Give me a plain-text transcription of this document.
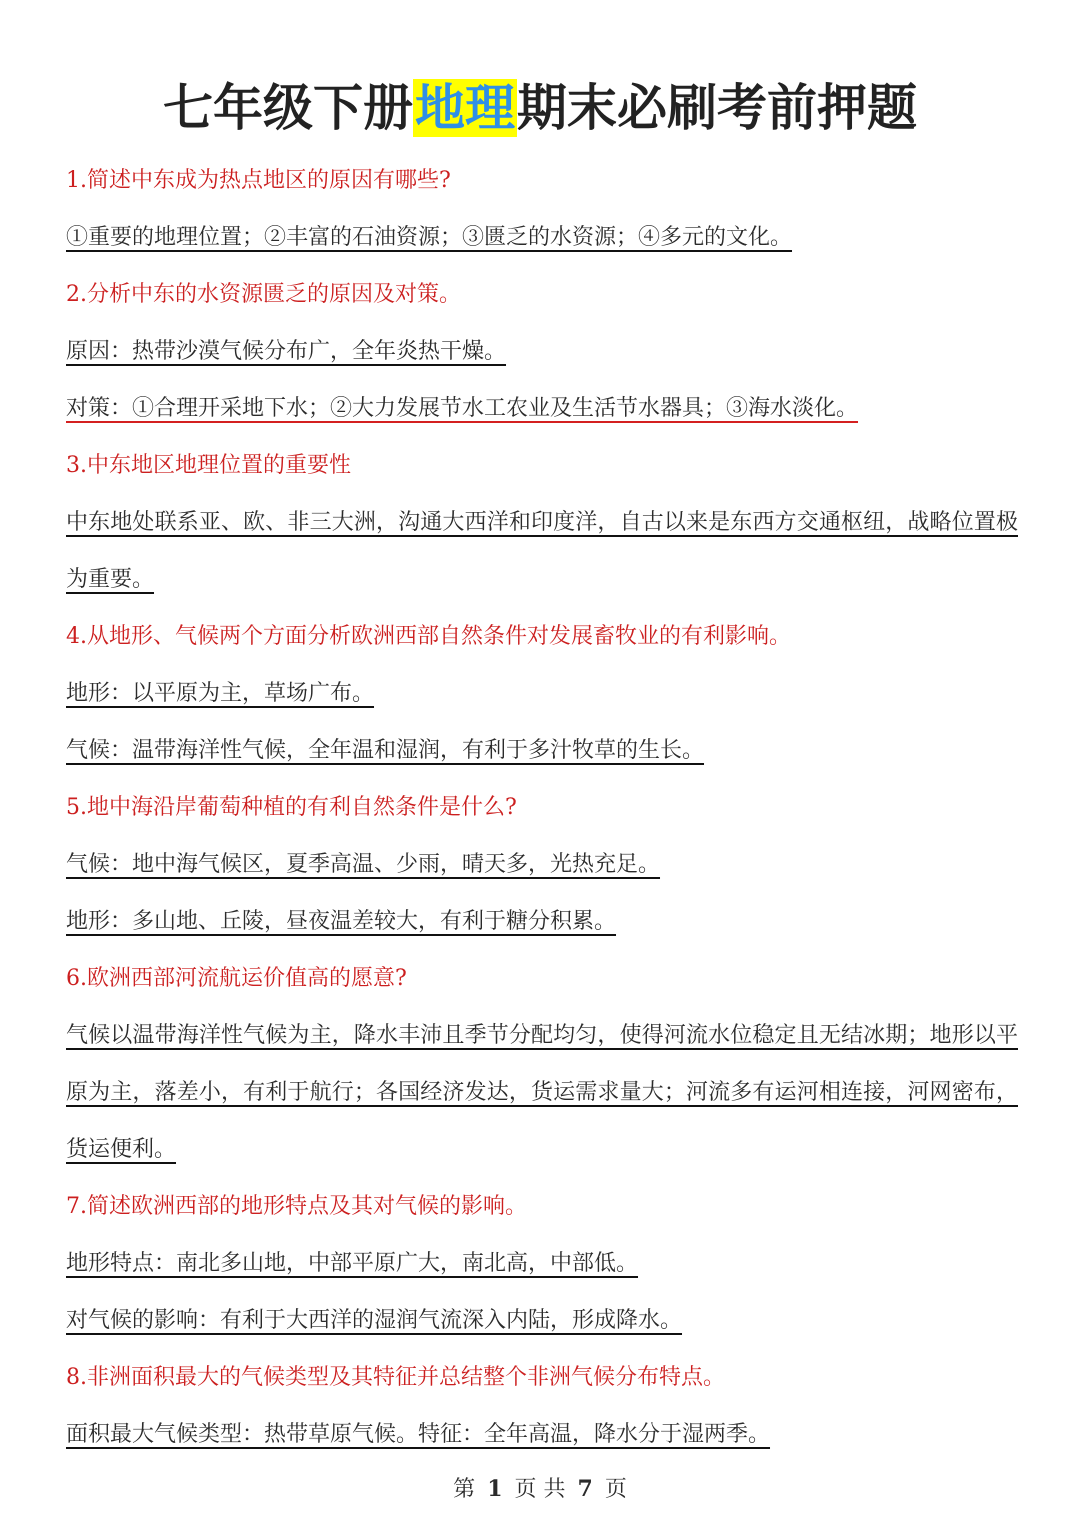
七年级下册地理期末必刷考前押题
1.简述中东成为热点地区的原因有哪些?
①重要的地理位置；②丰富的石油资源；③匮乏的水资源；④多元的文化。
2.分析中东的水资源匮乏的原因及对策。
原因：热带沙漠气候分布广，全年炎热干燥。
对策：①合理开采地下水；②大力发展节水工农业及生活节水器具；③海水淡化。
3.中东地区地理位置的重要性
中东地处联系亚、欧、非三大洲，沟通大西洋和印度洋，自古以来是东西方交通枢纽，战略位置极为重要。
4.从地形、气候两个方面分析欧洲西部自然条件对发展畜牧业的有利影响。
地形：以平原为主，草场广布。
气候：温带海洋性气候，全年温和湿润，有利于多汁牧草的生长。
5.地中海沿岸葡萄种植的有利自然条件是什么?
气候：地中海气候区，夏季高温、少雨，晴天多，光热充足。
地形：多山地、丘陵，昼夜温差较大，有利于糖分积累。
6.欧洲西部河流航运价值高的愿意?
气候以温带海洋性气候为主，降水丰沛且季节分配均匀，使得河流水位稳定且无结冰期；地形以平原为主，落差小，有利于航行；各国经济发达，货运需求量大；河流多有运河相连接，河网密布，货运便利。
7.简述欧洲西部的地形特点及其对气候的影响。
地形特点：南北多山地，中部平原广大，南北高，中部低。
对气候的影响：有利于大西洋的湿润气流深入内陆，形成降水。
8.非洲面积最大的气候类型及其特征并总结整个非洲气候分布特点。
面积最大气候类型：热带草原气候。特征：全年高温，降水分于湿两季。
第 1 页 共 7 页
